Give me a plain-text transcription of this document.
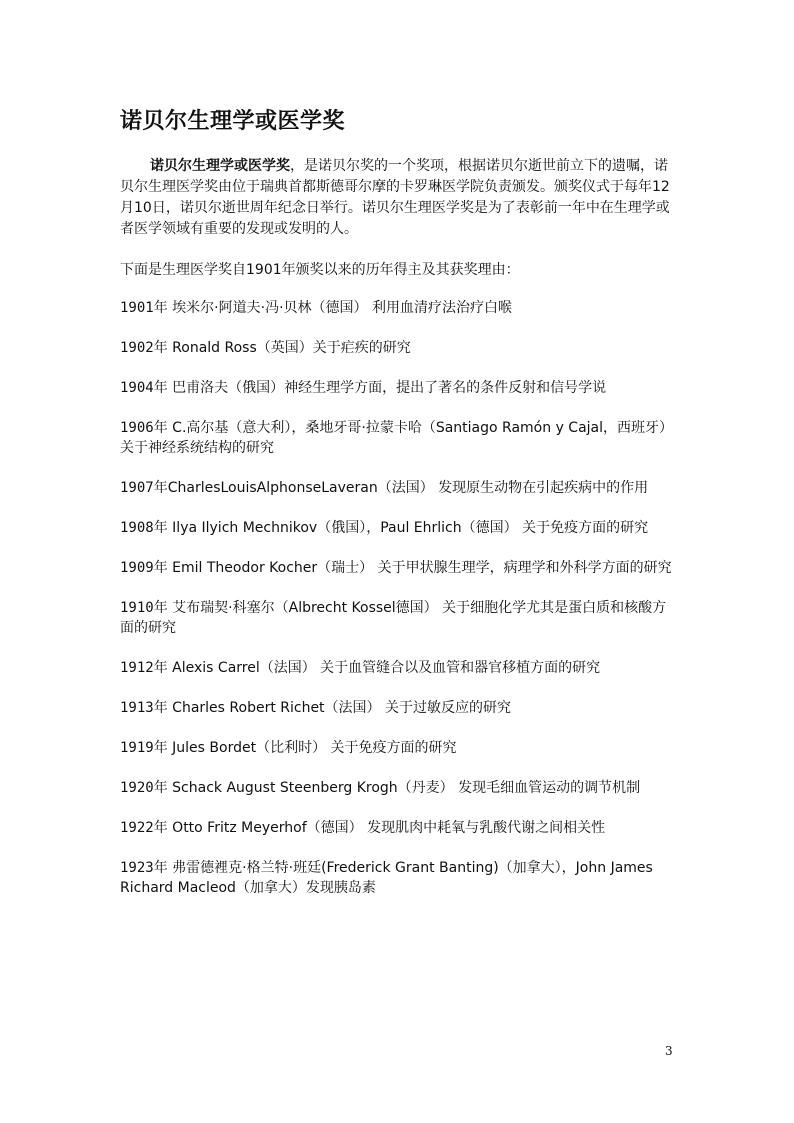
诺贝尔生理学或医学奖
诺贝尔生理学或医学奖，是诺贝尔奖的一个奖项，根据诺贝尔逝世前立下的遗嘱，诺贝尔生理医学奖由位于瑞典首都斯德哥尔摩的卡罗琳医学院负责颁发。颁奖仪式于每年12月10日，诺贝尔逝世周年纪念日举行。诺贝尔生理医学奖是为了表彰前一年中在生理学或者医学领域有重要的发现或发明的人。
下面是生理医学奖自1901年颁奖以来的历年得主及其获奖理由：
1901年 埃米尔·阿道夫·冯·贝林（德国） 利用血清疗法治疗白喉
1902年 Ronald Ross（英国）关于疟疾的研究
1904年 巴甫洛夫（俄国）神经生理学方面，提出了著名的条件反射和信号学说
1906年 C.高尔基（意大利），桑地牙哥·拉蒙卡哈（Santiago Ramón y Cajal，西班牙） 关于神经系统结构的研究
1907年CharlesLouisAlphonseLaveran（法国） 发现原生动物在引起疾病中的作用
1908年 Ilya Ilyich Mechnikov（俄国），Paul Ehrlich（德国） 关于免疫方面的研究
1909年 Emil Theodor Kocher（瑞士） 关于甲状腺生理学，病理学和外科学方面的研究
1910年 艾布瑞契·科塞尔（Albrecht Kossel德国） 关于细胞化学尤其是蛋白质和核酸方面的研究
1912年 Alexis Carrel（法国） 关于血管缝合以及血管和器官移植方面的研究
1913年 Charles Robert Richet（法国） 关于过敏反应的研究
1919年 Jules Bordet（比利时） 关于免疫方面的研究
1920年 Schack August Steenberg Krogh（丹麦） 发现毛细血管运动的调节机制
1922年 Otto Fritz Meyerhof（德国） 发现肌肉中耗氧与乳酸代谢之间相关性
1923年 弗雷德裡克·格兰特·班廷(Frederick Grant Banting)（加拿大），John James Richard Macleod（加拿大）发现胰岛素
3
